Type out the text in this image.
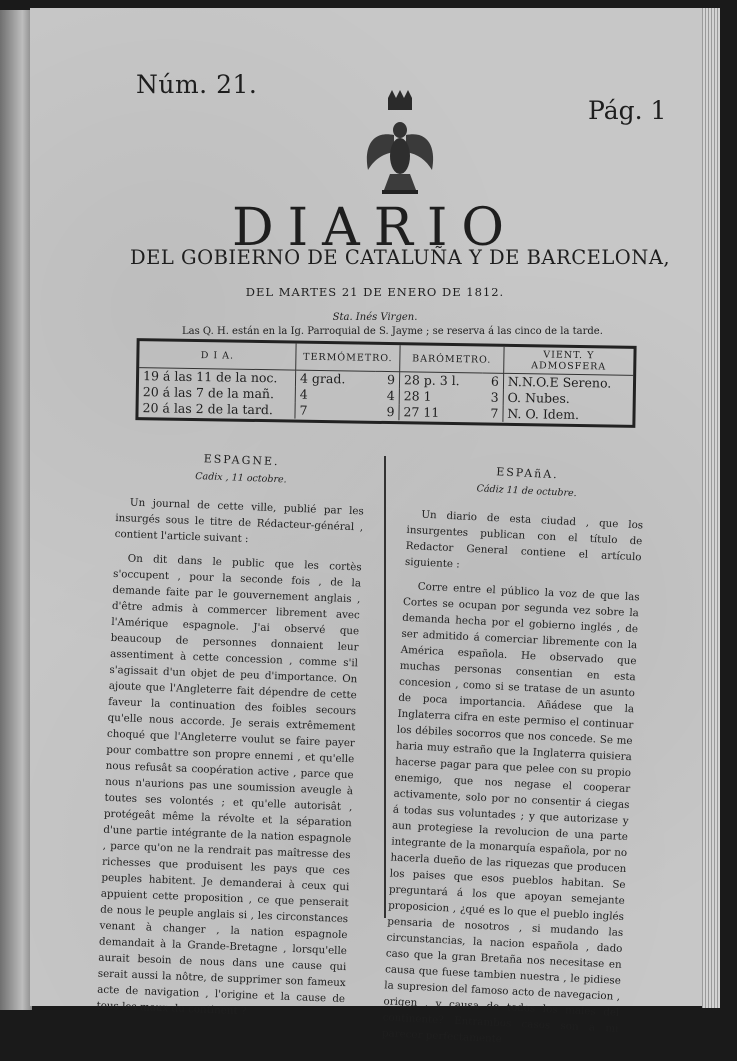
Núm. 21.
Pág. 1
DIARIO
DEL GOBIERNO DE CATALUÑA Y DE BARCELONA,
DEL MARTES 21 DE ENERO DE 1812.
Sta. Inés Virgen.
Las Q. H. están en la Ig. Parroquial de S. Jayme ; se reserva á las cinco de la tarde.
D I A.	TERMÓMETRO.		BARÓMETRO.		VIENT. Y ADMOSFERA
19 á las 11 de la noc.	4 grad.	9	28 p. 3 l.	6	N.N.O.E Sereno.
20 á las 7 de la mañ.	4	4	28 1	3	O. Nubes.
20 á las 2 de la tard.	7	9	27 11	7	N. O. Idem.
ESPAGNE.
Cadix , 11 octobre.

Un journal de cette ville, publié par les insurgés sous le titre de Rédacteur-général , contient l'article suivant :

On dit dans le public que les cortès s'occupent , pour la seconde fois , de la demande faite par le gouvernement anglais , d'être admis à commercer librement avec l'Amérique espagnole. J'ai observé que beaucoup de personnes donnaient leur assentiment à cette concession , comme s'il s'agissait d'un objet de peu d'importance. On ajoute que l'Angleterre fait dépendre de cette faveur la continuation des foibles secours qu'elle nous accorde. Je serais extrêmement choqué que l'Angleterre voulut se faire payer pour combattre son propre ennemi , et qu'elle nous refusât sa coopération active , parce que nous n'aurions pas une soumission aveugle à toutes ses volontés ; et qu'elle autorisât , protégeât même la révolte et la séparation d'une partie intégrante de la nation espagnole , parce qu'on ne la rendrait pas maîtresse des richesses que produisent les pays que ces peuples habitent. Je demanderai à ceux qui appuient cette proposition , ce que penserait de nous le peuple anglais si , les circonstances venant à changer , la nation espagnole demandait à la Grande-Bretagne , lorsqu'elle aurait besoin de nous dans une cause qui serait aussi la nôtre, de supprimer son fameux acte de navigation , l'origine et la cause de tous les maux du continent ?

ESPAñA.
Cádiz 11 de octubre.

Un diario de esta ciudad , que los insurgentes publican con el título de Redactor General contiene el artículo siguiente :

Corre entre el público la voz de que las Cortes se ocupan por segunda vez sobre la demanda hecha por el gobierno inglés , de ser admitido á comerciar libremente con la América española. He observado que muchas personas consentian en esta concesion , como si se tratase de un asunto de poca importancia. Añádese que la Inglaterra cifra en este permiso el continuar los débiles socorros que nos concede. Se me haria muy estraño que la Inglaterra quisiera hacerse pagar para que pelee con su propio enemigo, que nos negase el cooperar activamente, solo por no consentir á ciegas á todas sus voluntades ; y que autorizase y aun protegiese la revolucion de una parte integrante de la monarquía española, por no hacerla dueño de las riquezas que producen los paises que esos pueblos habitan. Se preguntará á los que apoyan semejante proposicion , ¿qué es lo que el pueblo inglés pensaria de nosotros , si mudando las circunstancias, la nacion española , dado caso que la gran Bretaña nos necesitase en causa que fuese tambien nuestra , le pidiese la supresion del famoso acto de navegacion , origen , y causa de todos los males del continente? Entrambos casos son á mi parecer perfectamente
